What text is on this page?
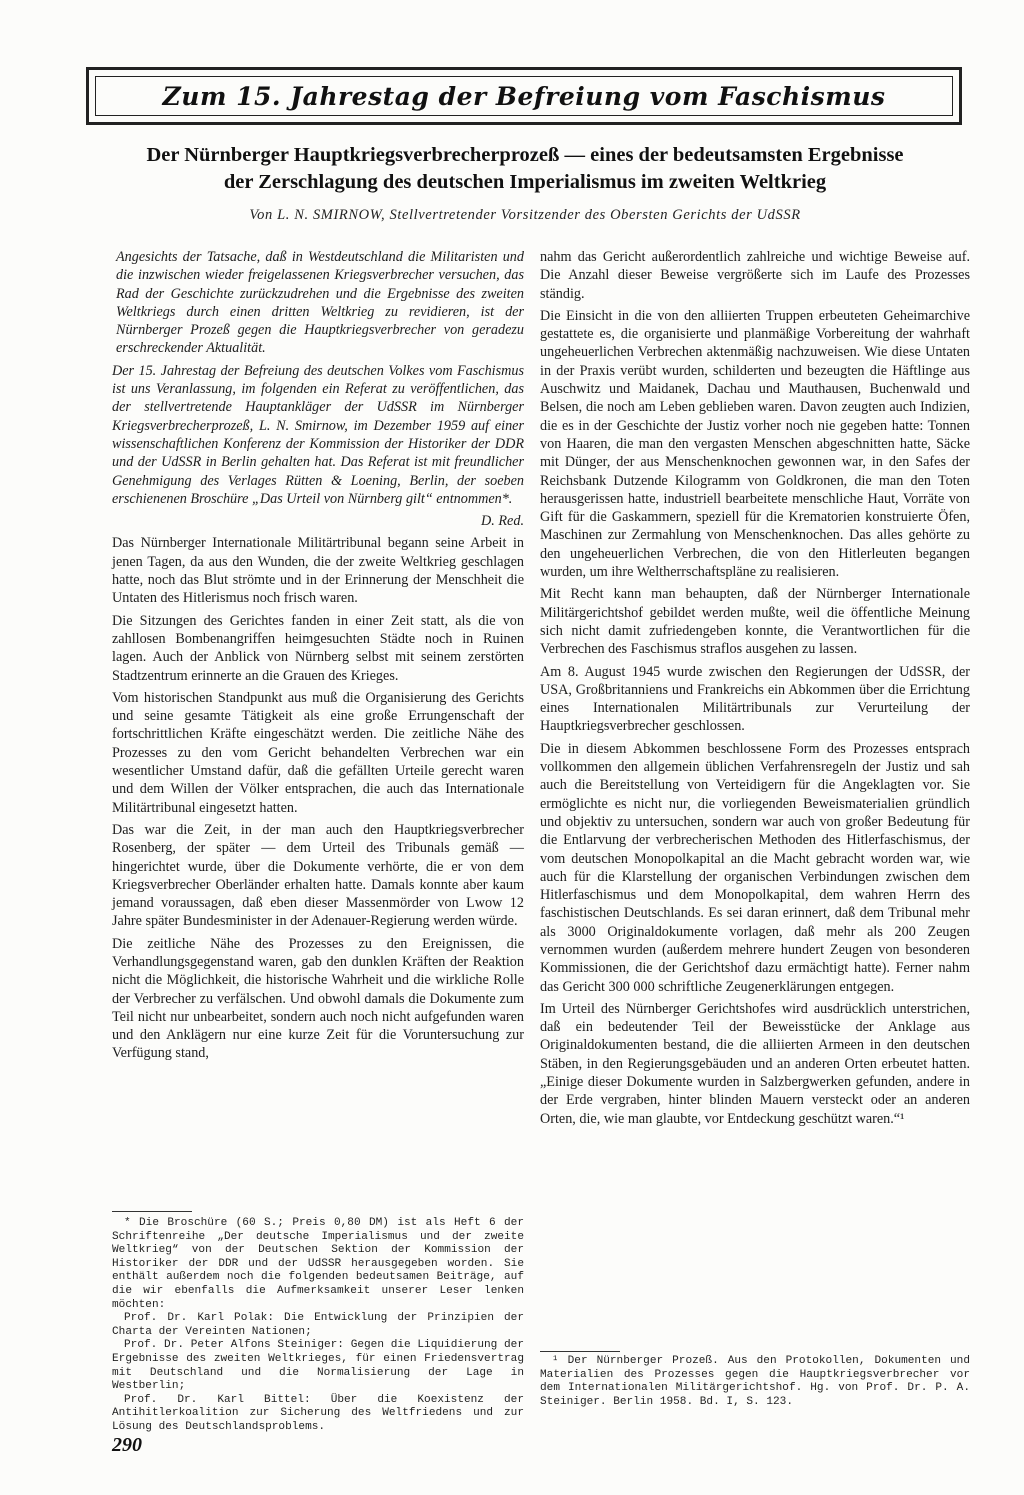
Zum 15. Jahrestag der Befreiung vom Faschismus
Der Nürnberger Hauptkriegsverbrecherprozeß — eines der bedeutsamsten Ergebnisse
der Zerschlagung des deutschen Imperialismus im zweiten Weltkrieg
Von L. N. SMIRNOW, Stellvertretender Vorsitzender des Obersten Gerichts der UdSSR

Angesichts der Tatsache, daß in Westdeutschland die Militaristen und die inzwischen wieder freigelassenen Kriegsverbrecher versuchen, das Rad der Geschichte zurückzudrehen und die Ergebnisse des zweiten Weltkriegs durch einen dritten Weltkrieg zu revidieren, ist der Nürnberger Prozeß gegen die Hauptkriegsverbrecher von geradezu erschreckender Aktualität.

Der 15. Jahrestag der Befreiung des deutschen Volkes vom Faschismus ist uns Veranlassung, im folgenden ein Referat zu veröffentlichen, das der stellvertretende Hauptankläger der UdSSR im Nürnberger Kriegsverbrecherprozeß, L. N. Smirnow, im Dezember 1959 auf einer wissenschaftlichen Konferenz der Kommission der Historiker der DDR und der UdSSR in Berlin gehalten hat. Das Referat ist mit freundlicher Genehmigung des Verlages Rütten & Loening, Berlin, der soeben erschienenen Broschüre „Das Urteil von Nürnberg gilt“ entnommen*.

D. Red.

Das Nürnberger Internationale Militärtribunal begann seine Arbeit in jenen Tagen, da aus den Wunden, die der zweite Weltkrieg geschlagen hatte, noch das Blut strömte und in der Erinnerung der Menschheit die Untaten des Hitlerismus noch frisch waren.

Die Sitzungen des Gerichtes fanden in einer Zeit statt, als die von zahllosen Bombenangriffen heimgesuchten Städte noch in Ruinen lagen. Auch der Anblick von Nürnberg selbst mit seinem zerstörten Stadtzentrum erinnerte an die Grauen des Krieges.

Vom historischen Standpunkt aus muß die Organisierung des Gerichts und seine gesamte Tätigkeit als eine große Errungenschaft der fortschrittlichen Kräfte eingeschätzt werden. Die zeitliche Nähe des Prozesses zu den vom Gericht behandelten Verbrechen war ein wesentlicher Umstand dafür, daß die gefällten Urteile gerecht waren und dem Willen der Völker entsprachen, die auch das Internationale Militärtribunal eingesetzt hatten.

Das war die Zeit, in der man auch den Hauptkriegsverbrecher Rosenberg, der später — dem Urteil des Tribunals gemäß — hingerichtet wurde, über die Dokumente verhörte, die er von dem Kriegsverbrecher Oberländer erhalten hatte. Damals konnte aber kaum jemand voraussagen, daß eben dieser Massenmörder von Lwow 12 Jahre später Bundesminister in der Adenauer-Regierung werden würde.

Die zeitliche Nähe des Prozesses zu den Ereignissen, die Verhandlungsgegenstand waren, gab den dunklen Kräften der Reaktion nicht die Möglichkeit, die historische Wahrheit und die wirkliche Rolle der Verbrecher zu verfälschen. Und obwohl damals die Dokumente zum Teil nicht nur unbearbeitet, sondern auch noch nicht aufgefunden waren und den Anklägern nur eine kurze Zeit für die Voruntersuchung zur Verfügung stand,

nahm das Gericht außerordentlich zahlreiche und wichtige Beweise auf. Die Anzahl dieser Beweise vergrößerte sich im Laufe des Prozesses ständig.

Die Einsicht in die von den alliierten Truppen erbeuteten Geheimarchive gestattete es, die organisierte und planmäßige Vorbereitung der wahrhaft ungeheuerlichen Verbrechen aktenmäßig nachzuweisen. Wie diese Untaten in der Praxis verübt wurden, schilderten und bezeugten die Häftlinge aus Auschwitz und Maidanek, Dachau und Mauthausen, Buchenwald und Belsen, die noch am Leben geblieben waren. Davon zeugten auch Indizien, die es in der Geschichte der Justiz vorher noch nie gegeben hatte: Tonnen von Haaren, die man den vergasten Menschen abgeschnitten hatte, Säcke mit Dünger, der aus Menschenknochen gewonnen war, in den Safes der Reichsbank Dutzende Kilogramm von Goldkronen, die man den Toten herausgerissen hatte, industriell bearbeitete menschliche Haut, Vorräte von Gift für die Gaskammern, speziell für die Krematorien konstruierte Öfen, Maschinen zur Zermahlung von Menschenknochen. Das alles gehörte zu den ungeheuerlichen Verbrechen, die von den Hitlerleuten begangen wurden, um ihre Weltherrschaftspläne zu realisieren.

Mit Recht kann man behaupten, daß der Nürnberger Internationale Militärgerichtshof gebildet werden mußte, weil die öffentliche Meinung sich nicht damit zufriedengeben konnte, die Verantwortlichen für die Verbrechen des Faschismus straflos ausgehen zu lassen.

Am 8. August 1945 wurde zwischen den Regierungen der UdSSR, der USA, Großbritanniens und Frankreichs ein Abkommen über die Errichtung eines Internationalen Militärtribunals zur Verurteilung der Hauptkriegsverbrecher geschlossen.

Die in diesem Abkommen beschlossene Form des Prozesses entsprach vollkommen den allgemein üblichen Verfahrensregeln der Justiz und sah auch die Bereitstellung von Verteidigern für die Angeklagten vor. Sie ermöglichte es nicht nur, die vorliegenden Beweismaterialien gründlich und objektiv zu untersuchen, sondern war auch von großer Bedeutung für die Entlarvung der verbrecherischen Methoden des Hitlerfaschismus, der vom deutschen Monopolkapital an die Macht gebracht worden war, wie auch für die Klarstellung der organischen Verbindungen zwischen dem Hitlerfaschismus und dem Monopolkapital, dem wahren Herrn des faschistischen Deutschlands. Es sei daran erinnert, daß dem Tribunal mehr als 3000 Originaldokumente vorlagen, daß mehr als 200 Zeugen vernommen wurden (außerdem mehrere hundert Zeugen von besonderen Kommissionen, die der Gerichtshof dazu ermächtigt hatte). Ferner nahm das Gericht 300 000 schriftliche Zeugenerklärungen entgegen.

Im Urteil des Nürnberger Gerichtshofes wird ausdrücklich unterstrichen, daß ein bedeutender Teil der Beweisstücke der Anklage aus Originaldokumenten bestand, die die alliierten Armeen in den deutschen Stäben, in den Regierungsgebäuden und an anderen Orten erbeutet hatten. „Einige dieser Dokumente wurden in Salzbergwerken gefunden, andere in der Erde vergraben, hinter blinden Mauern versteckt oder an anderen Orten, die, wie man glaubte, vor Entdeckung geschützt waren.“¹

* Die Broschüre (60 S.; Preis 0,80 DM) ist als Heft 6 der Schriftenreihe „Der deutsche Imperialismus und der zweite Weltkrieg“ von der Deutschen Sektion der Kommission der Historiker der DDR und der UdSSR herausgegeben worden. Sie enthält außerdem noch die folgenden bedeutsamen Beiträge, auf die wir ebenfalls die Aufmerksamkeit unserer Leser lenken möchten:

Prof. Dr. Karl Polak: Die Entwicklung der Prinzipien der Charta der Vereinten Nationen;

Prof. Dr. Peter Alfons Steiniger: Gegen die Liquidierung der Ergebnisse des zweiten Weltkrieges, für einen Friedensvertrag mit Deutschland und die Normalisierung der Lage in Westberlin;

Prof. Dr. Karl Bittel: Über die Koexistenz der Antihitlerkoalition zur Sicherung des Weltfriedens und zur Lösung des Deutschlandsproblems.

¹ Der Nürnberger Prozeß. Aus den Protokollen, Dokumenten und Materialien des Prozesses gegen die Hauptkriegsverbrecher vor dem Internationalen Militärgerichtshof. Hg. von Prof. Dr. P. A. Steiniger. Berlin 1958. Bd. I, S. 123.

290
